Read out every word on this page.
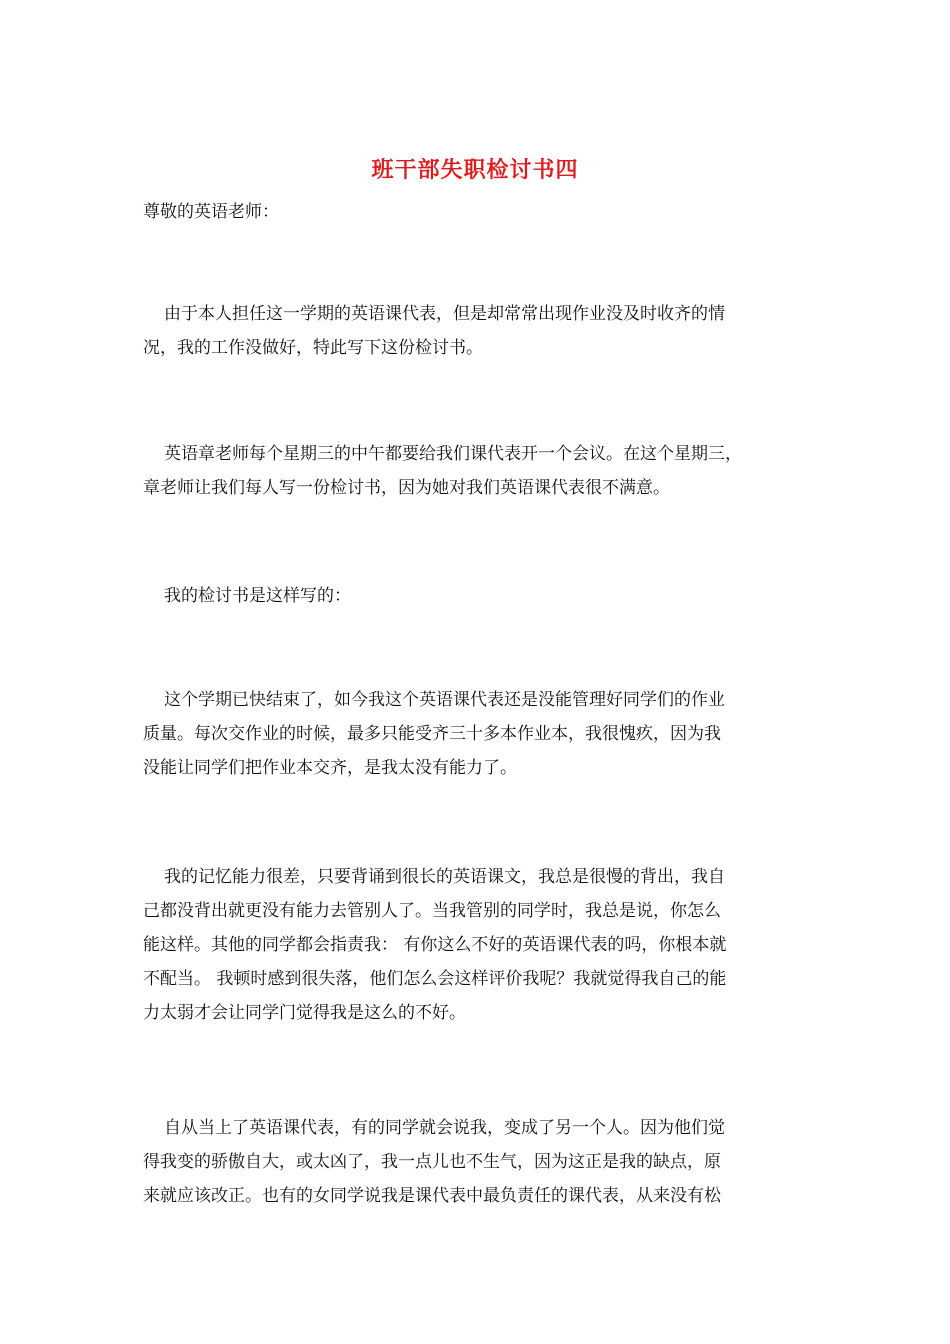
班干部失职检讨书四
尊敬的英语老师：
由于本人担任这一学期的英语课代表，但是却常常出现作业没及时收齐的情
况，我的工作没做好，特此写下这份检讨书。
英语章老师每个星期三的中午都要给我们课代表开一个会议。在这个星期三，
章老师让我们每人写一份检讨书，因为她对我们英语课代表很不满意。
我的检讨书是这样写的：
这个学期已快结束了，如今我这个英语课代表还是没能管理好同学们的作业
质量。每次交作业的时候，最多只能受齐三十多本作业本，我很愧疚，因为我
没能让同学们把作业本交齐，是我太没有能力了。
我的记忆能力很差，只要背诵到很长的英语课文，我总是很慢的背出，我自
己都没背出就更没有能力去管别人了。当我管别的同学时，我总是说，你怎么
能这样。其他的同学都会指责我： 有你这么不好的英语课代表的吗，你根本就
不配当。 我顿时感到很失落，他们怎么会这样评价我呢？我就觉得我自己的能
力太弱才会让同学门觉得我是这么的不好。
自从当上了英语课代表，有的同学就会说我，变成了另一个人。因为他们觉
得我变的骄傲自大，或太凶了，我一点儿也不生气，因为这正是我的缺点，原
来就应该改正。也有的女同学说我是课代表中最负责任的课代表，从来没有松
